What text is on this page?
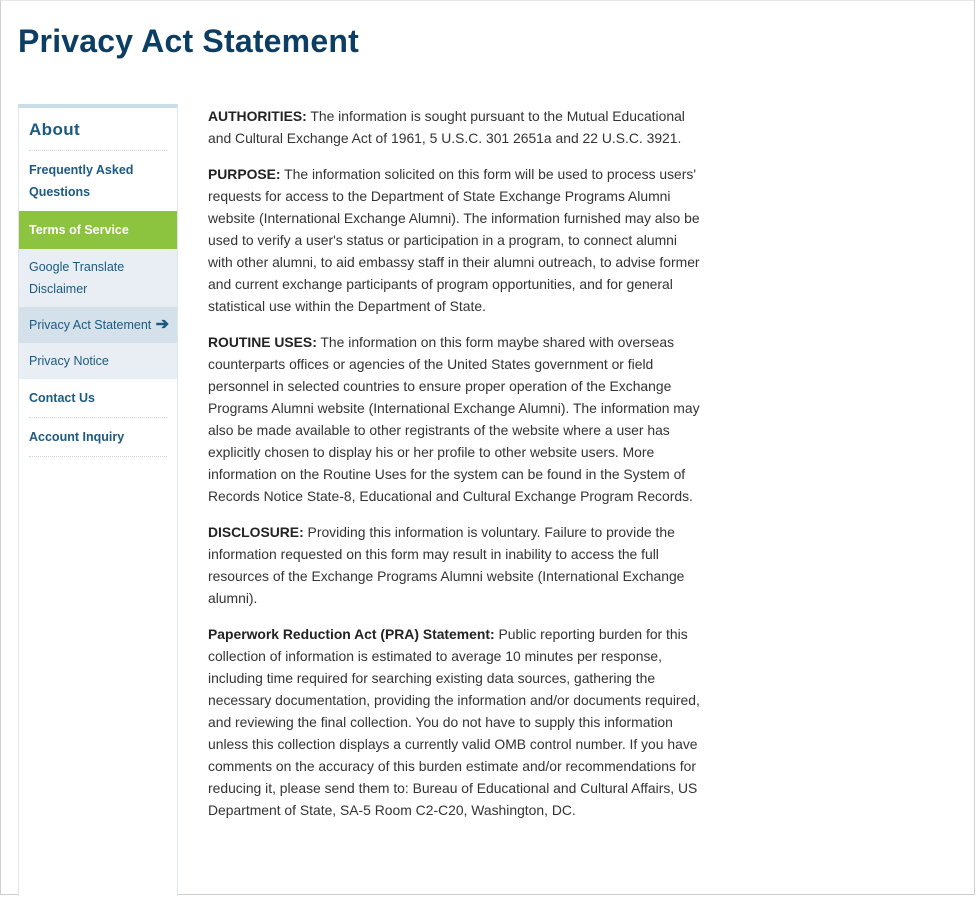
Privacy Act Statement
About
Frequently Asked Questions
Terms of Service
Google Translate Disclaimer
Privacy Act Statement ➔
Privacy Notice
Contact Us
Account Inquiry

AUTHORITIES: The information is sought pursuant to the Mutual Educational and Cultural Exchange Act of 1961, 5 U.S.C. 301 2651a and 22 U.S.C. 3921.

PURPOSE: The information solicited on this form will be used to process users' requests for access to the Department of State Exchange Programs Alumni website (International Exchange Alumni). The information furnished may also be used to verify a user's status or participation in a program, to connect alumni with other alumni, to aid embassy staff in their alumni outreach, to advise former and current exchange participants of program opportunities, and for general statistical use within the Department of State.

ROUTINE USES: The information on this form maybe shared with overseas counterparts offices or agencies of the United States government or field personnel in selected countries to ensure proper operation of the Exchange Programs Alumni website (International Exchange Alumni). The information may also be made available to other registrants of the website where a user has explicitly chosen to display his or her profile to other website users. More information on the Routine Uses for the system can be found in the System of Records Notice State-8, Educational and Cultural Exchange Program Records.

DISCLOSURE: Providing this information is voluntary. Failure to provide the information requested on this form may result in inability to access the full resources of the Exchange Programs Alumni website (International Exchange alumni).

Paperwork Reduction Act (PRA) Statement: Public reporting burden for this collection of information is estimated to average 10 minutes per response, including time required for searching existing data sources, gathering the necessary documentation, providing the information and/or documents required, and reviewing the final collection. You do not have to supply this information unless this collection displays a currently valid OMB control number. If you have comments on the accuracy of this burden estimate and/or recommendations for reducing it, please send them to: Bureau of Educational and Cultural Affairs, US Department of State, SA-5 Room C2-C20, Washington, DC.
